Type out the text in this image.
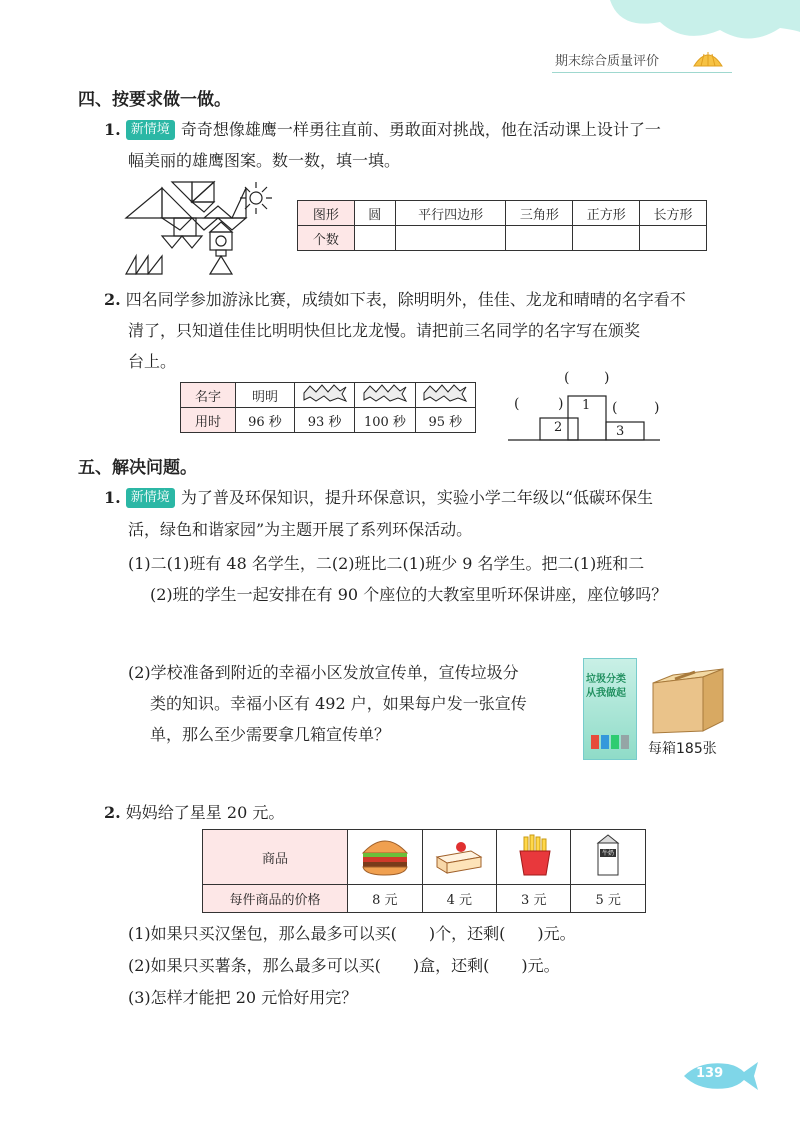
期末综合质量评价
四、按要求做一做。
1. 新情境 奇奇想像雄鹰一样勇往直前、勇敢面对挑战，他在活动课上设计了一
幅美丽的雄鹰图案。数一数，填一填。
图形	圆	平行四边形	三角形	正方形	长方形
个数					
2. 四名同学参加游泳比赛，成绩如下表，除明明外，佳佳、龙龙和晴晴的名字看不
清了，只知道佳佳比明明快但比龙龙慢。请把前三名同学的名字写在颁奖
台上。
名字	明明			
用时	96 秒	93 秒	100 秒	95 秒
( )
(	)	(	)
1
2	3
五、解决问题。
1. 新情境 为了普及环保知识，提升环保意识，实验小学二年级以“低碳环保生
活，绿色和谐家园”为主题开展了系列环保活动。
(1)二(1)班有 48 名学生，二(2)班比二(1)班少 9 名学生。把二(1)班和二
(2)班的学生一起安排在有 90 个座位的大教室里听环保讲座，座位够吗？
(2)学校准备到附近的幸福小区发放宣传单，宣传垃圾分
类的知识。幸福小区有 492 户，如果每户发一张宣传
单，那么至少需要拿几箱宣传单？
垃圾分类
从我做起
每箱185张
2. 妈妈给了星星 20 元。
商品				牛奶

每件商品的价格	8 元	4 元	3 元	5 元
(1)如果只买汉堡包，那么最多可以买(　　)个，还剩(　　)元。
(2)如果只买薯条，那么最多可以买(　　)盒，还剩(　　)元。
(3)怎样才能把 20 元恰好用完？
139
